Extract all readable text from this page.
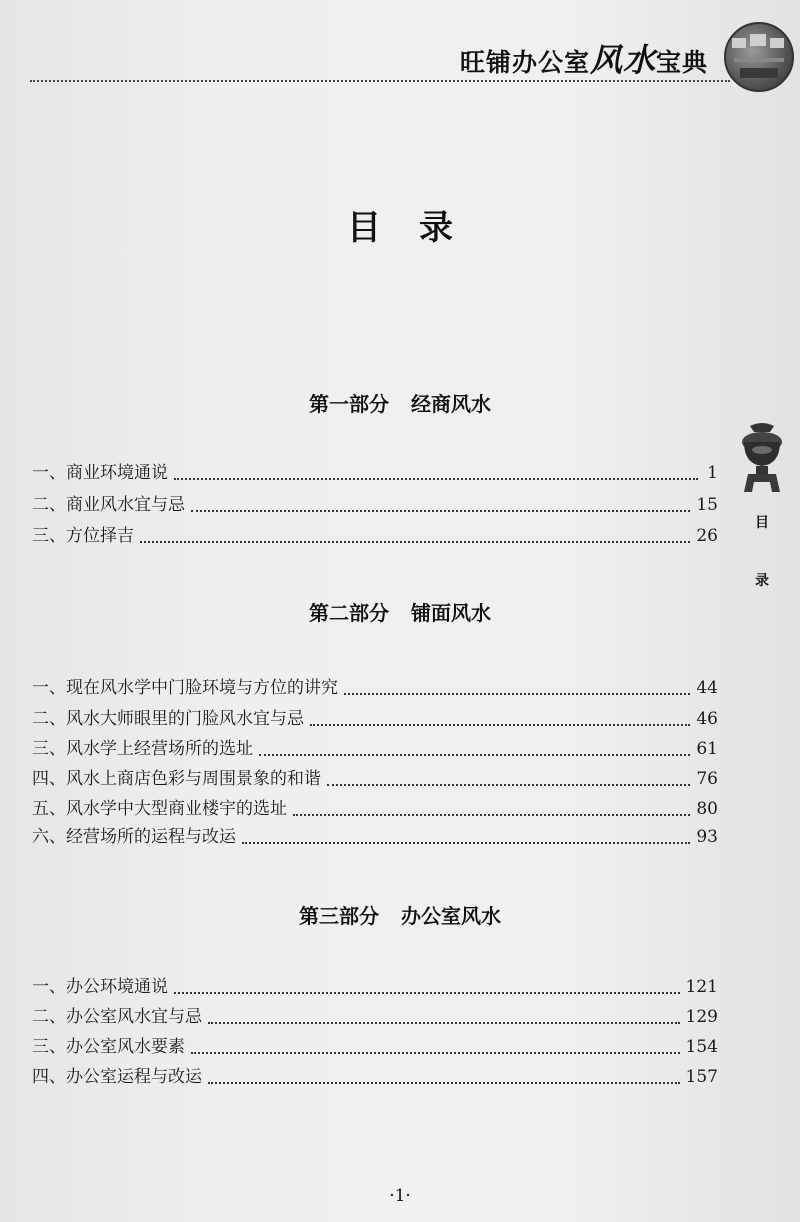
旺铺办公室风水宝典
目录
目
录
第一部分 经商风水
一、商业环境通说	1
二、商业风水宜与忌	15
三、方位择吉	26
第二部分 铺面风水
一、现在风水学中门脸环境与方位的讲究	44
二、风水大师眼里的门脸风水宜与忌	46
三、风水学上经营场所的选址	61
四、风水上商店色彩与周围景象的和谐	76
五、风水学中大型商业楼宇的选址	80
六、经营场所的运程与改运	93
第三部分 办公室风水
一、办公环境通说	121
二、办公室风水宜与忌	129
三、办公室风水要素	154
四、办公室运程与改运	157
·1·
